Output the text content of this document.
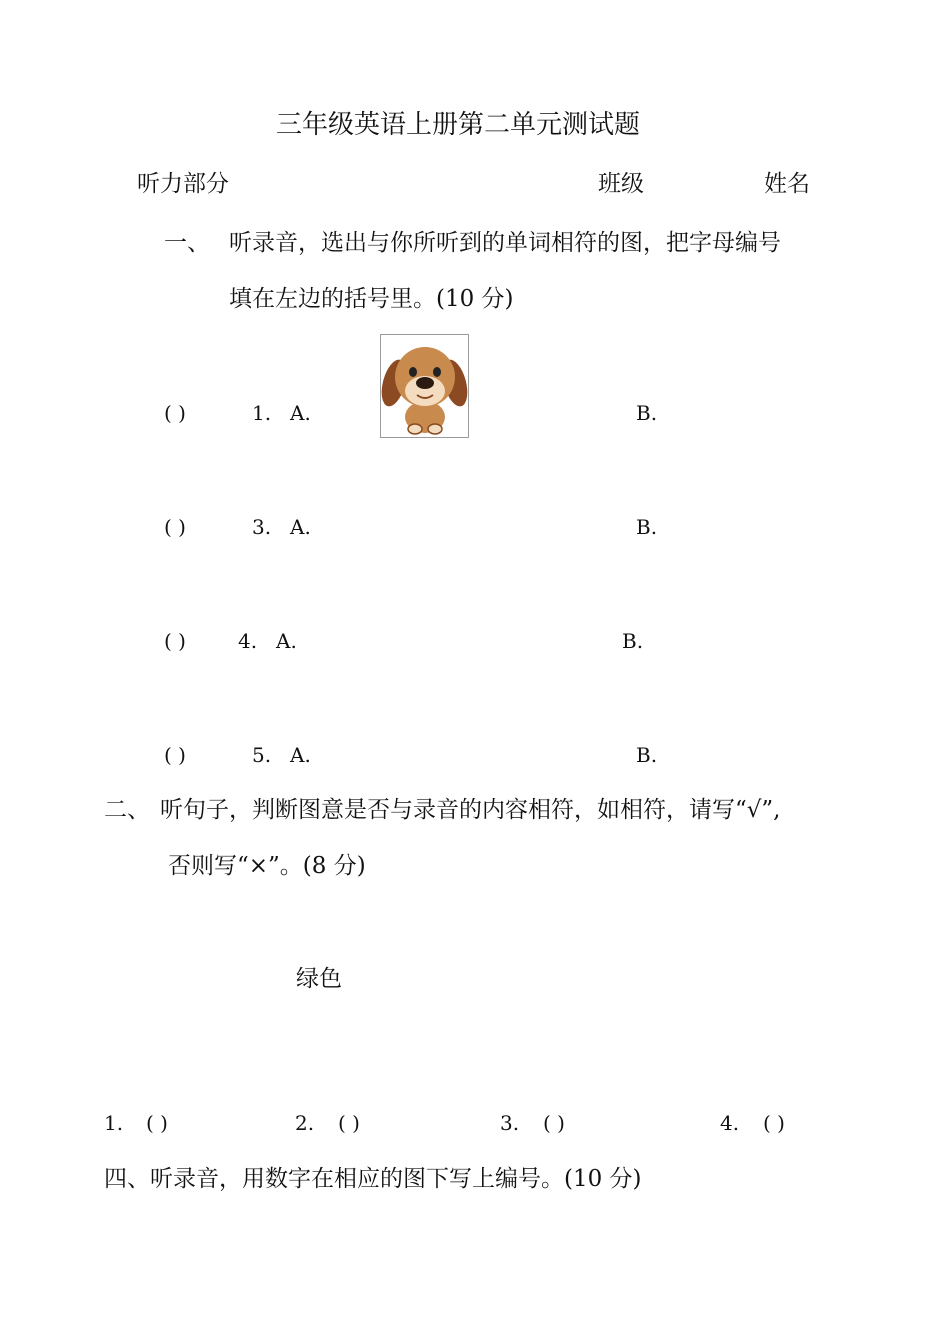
三年级英语上册第二单元测试题
听力部分	班级	姓名
一、 听录音，选出与你所听到的单词相符的图，把字母编号
填在左边的括号里。(10 分)
( )	1. A.	B.
( )	3. A.	B.
( )	4. A.	B.
( )	5. A.	B.
二、 听句子，判断图意是否与录音的内容相符，如相符，请写“√”,
否则写“×”。(8 分)
绿色
1. ( )	2. ( )	3. ( )	4. ( )
四、听录音，用数字在相应的图下写上编号。(10 分)
